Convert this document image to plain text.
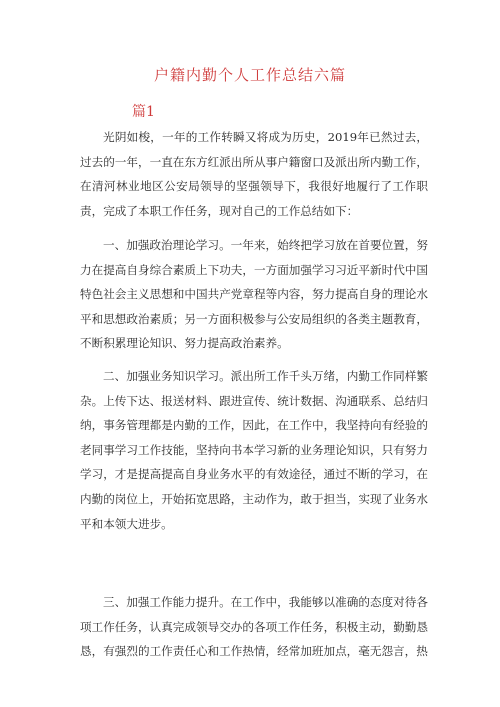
户籍内勤个人工作总结六篇
篇1

光阴如梭，一年的工作转瞬又将成为历史，2019年已然过去，过去的一年，一直在东方红派出所从事户籍窗口及派出所内勤工作，在清河林业地区公安局领导的坚强领导下，我很好地履行了工作职责，完成了本职工作任务，现对自己的工作总结如下：

一、加强政治理论学习。一年来，始终把学习放在首要位置，努力在提高自身综合素质上下功夫，一方面加强学习习近平新时代中国特色社会主义思想和中国共产党章程等内容，努力提高自身的理论水平和思想政治素质；另一方面积极参与公安局组织的各类主题教育，不断积累理论知识、努力提高政治素养。

二、加强业务知识学习。派出所工作千头万绪，内勤工作同样繁杂。上传下达、报送材料、跟进宣传、统计数据、沟通联系、总结归纳，事务管理都是内勤的工作，因此，在工作中，我坚持向有经验的老同事学习工作技能，坚持向书本学习新的业务理论知识，只有努力学习，才是提高提高自身业务水平的有效途径，通过不断的学习，在内勤的岗位上，开始拓宽思路，主动作为，敢于担当，实现了业务水平和本领大进步。

三、加强工作能力提升。在工作中，我能够以准确的态度对待各项工作任务，认真完成领导交办的各项工作任务，积极主动，勤勤恳恳，有强烈的工作责任心和工作热情，经常加班加点，毫无怨言，热
